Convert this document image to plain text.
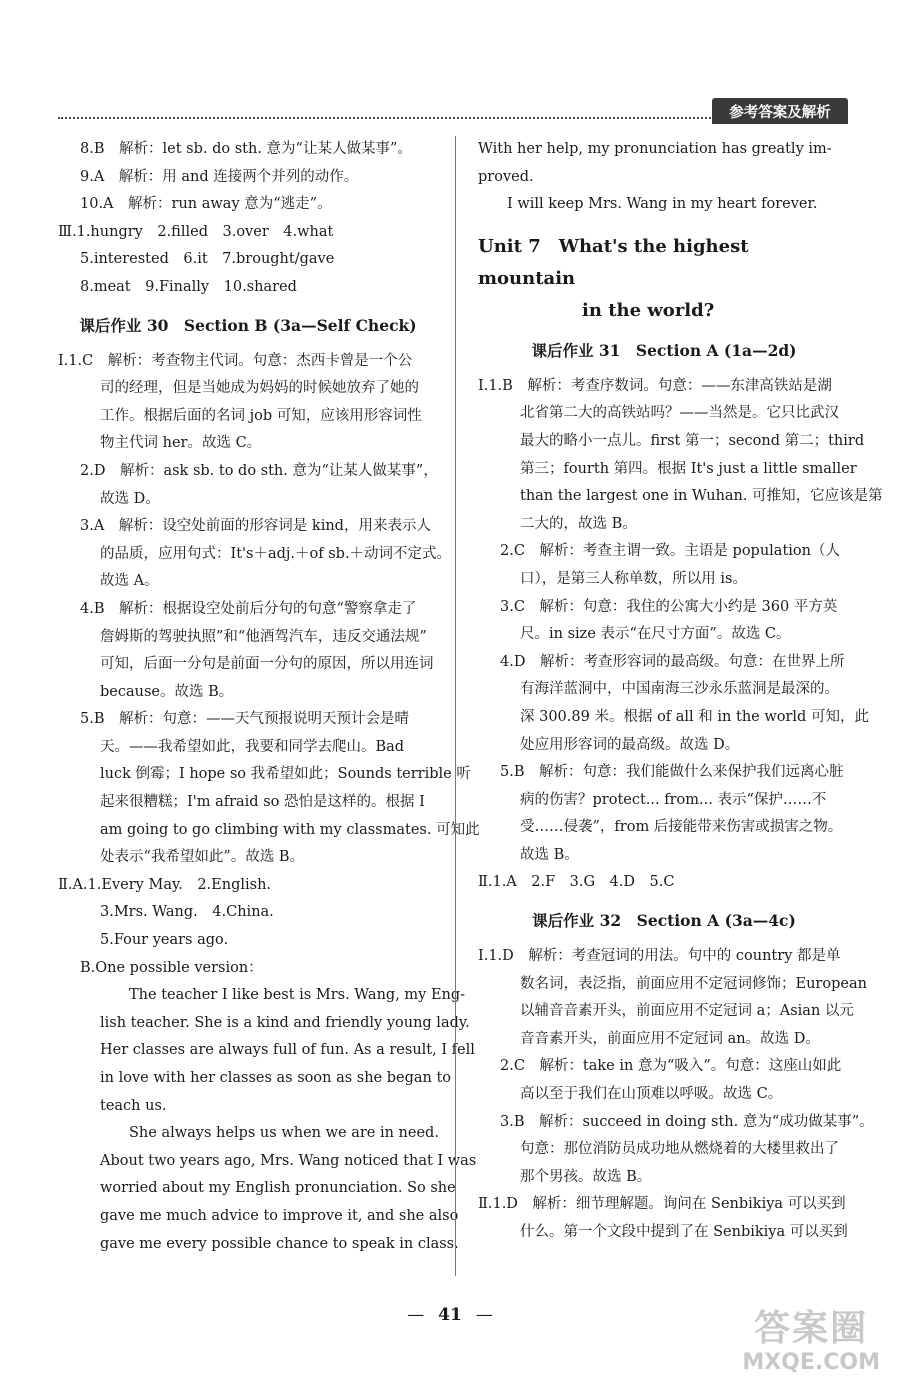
参考答案及解析
8.B　解析：let sb. do sth. 意为“让某人做某事”。
9.A　解析：用 and 连接两个并列的动作。
10.A　解析：run away 意为“逃走”。
Ⅲ.1.hungry　2.filled　3.over　4.what
5.interested　6.it　7.brought/gave
8.meat　9.Finally　10.shared
课后作业 30　Section B (3a—Self Check)
Ⅰ.1.C　解析：考查物主代词。句意：杰西卡曾是一个公
司的经理，但是当她成为妈妈的时候她放弃了她的
工作。根据后面的名词 job 可知，应该用形容词性
物主代词 her。故选 C。
2.D　解析：ask sb. to do sth. 意为“让某人做某事”，
故选 D。
3.A　解析：设空处前面的形容词是 kind，用来表示人
的品质，应用句式：It's＋adj.＋of sb.＋动词不定式。
故选 A。
4.B　解析：根据设空处前后分句的句意“警察拿走了
詹姆斯的驾驶执照”和“他酒驾汽车，违反交通法规”
可知，后面一分句是前面一分句的原因，所以用连词
because。故选 B。
5.B　解析：句意：——天气预报说明天预计会是晴
天。——我希望如此，我要和同学去爬山。Bad
luck 倒霉；I hope so 我希望如此；Sounds terrible 听
起来很糟糕；I'm afraid so 恐怕是这样的。根据 I
am going to go climbing with my classmates. 可知此
处表示“我希望如此”。故选 B。
Ⅱ.A.1.Every May.　2.English.
3.Mrs. Wang.　4.China.
5.Four years ago.
B.One possible version：
　　The teacher I like best is Mrs. Wang, my Eng-
lish teacher. She is a kind and friendly young lady.
Her classes are always full of fun. As a result, I fell
in love with her classes as soon as she began to
teach us.
　　She always helps us when we are in need.
About two years ago, Mrs. Wang noticed that I was
worried about my English pronunciation. So she
gave me much advice to improve it, and she also
gave me every possible chance to speak in class.
With her help, my pronunciation has greatly im-
proved.
　　I will keep Mrs. Wang in my heart forever.
Unit 7　What's the highest mountain
in the world?
课后作业 31　Section A (1a—2d)
Ⅰ.1.B　解析：考查序数词。句意：——东津高铁站是湖
北省第二大的高铁站吗？——当然是。它只比武汉
最大的略小一点儿。first 第一；second 第二；third
第三；fourth 第四。根据 It's just a little smaller
than the largest one in Wuhan. 可推知，它应该是第
二大的，故选 B。
2.C　解析：考查主谓一致。主语是 population（人
口），是第三人称单数，所以用 is。
3.C　解析：句意：我住的公寓大小约是 360 平方英
尺。in size 表示“在尺寸方面”。故选 C。
4.D　解析：考查形容词的最高级。句意：在世界上所
有海洋蓝洞中，中国南海三沙永乐蓝洞是最深的。
深 300.89 米。根据 of all 和 in the world 可知，此
处应用形容词的最高级。故选 D。
5.B　解析：句意：我们能做什么来保护我们远离心脏
病的伤害？protect... from... 表示“保护……不
受……侵袭”，from 后接能带来伤害或损害之物。
故选 B。
Ⅱ.1.A　2.F　3.G　4.D　5.C
课后作业 32　Section A (3a—4c)
Ⅰ.1.D　解析：考查冠词的用法。句中的 country 都是单
数名词，表泛指，前面应用不定冠词修饰；European
以辅音音素开头，前面应用不定冠词 a；Asian 以元
音音素开头，前面应用不定冠词 an。故选 D。
2.C　解析：take in 意为“吸入”。句意：这座山如此
高以至于我们在山顶难以呼吸。故选 C。
3.B　解析：succeed in doing sth. 意为“成功做某事”。
句意：那位消防员成功地从燃烧着的大楼里救出了
那个男孩。故选 B。
Ⅱ.1.D　解析：细节理解题。询问在 Senbikiya 可以买到
什么。第一个文段中提到了在 Senbikiya 可以买到
— 41 —	答案圈
MXQE.COM
